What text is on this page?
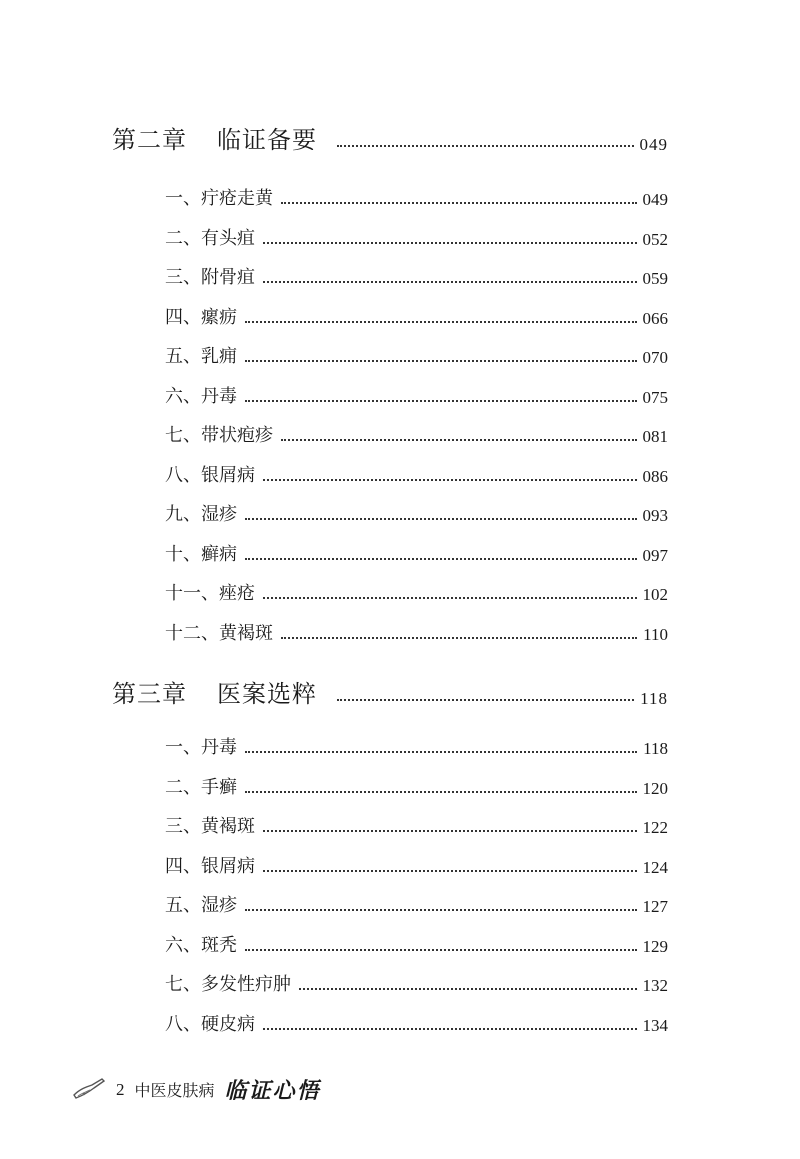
第二章 临证备要	049
一、疔疮走黄	049
二、有头疽	052
三、附骨疽	059
四、瘰疬	066
五、乳痈	070
六、丹毒	075
七、带状疱疹	081
八、银屑病	086
九、湿疹	093
十、癣病	097
十一、痤疮	102
十二、黄褐斑	110
第三章 医案选粹	118
一、丹毒	118
二、手癣	120
三、黄褐斑	122
四、银屑病	124
五、湿疹	127
六、斑秃	129
七、多发性疖肿	132
八、硬皮病	134
2 中医皮肤病 临证心悟
